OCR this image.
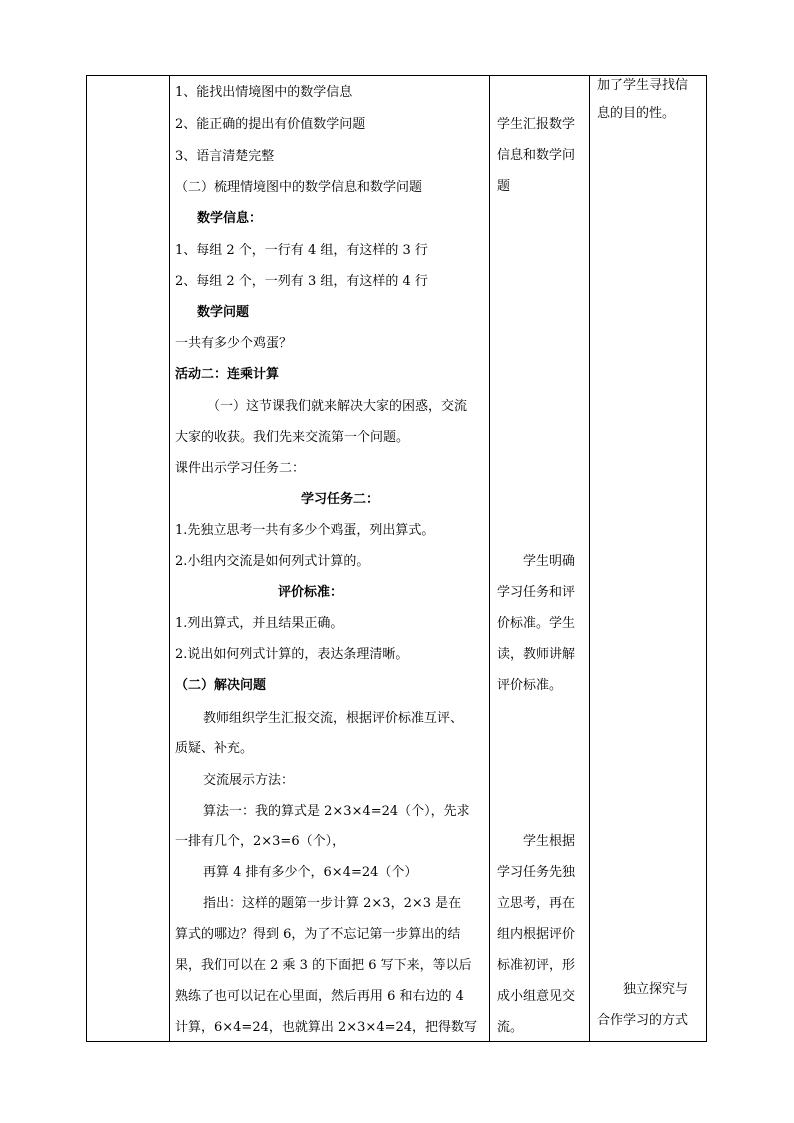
1、能找出情境图中的数学信息
2、能正确的提出有价值数学问题
3、语言清楚完整
（二）梳理情境图中的数学信息和数学问题
数学信息：
1、每组 2 个，一行有 4 组，有这样的 3 行
2、每组 2 个，一列有 3 组，有这样的 4 行
数学问题
一共有多少个鸡蛋？
活动二：连乘计算
（一）这节课我们就来解决大家的困惑，交流
大家的收获。我们先来交流第一个问题。
课件出示学习任务二：
学习任务二：
1.先独立思考一共有多少个鸡蛋，列出算式。
2.小组内交流是如何列式计算的。
评价标准：
1.列出算式，并且结果正确。
2.说出如何列式计算的，表达条理清晰。
（二）解决问题
教师组织学生汇报交流，根据评价标准互评、
质疑、补充。
交流展示方法：
算法一：我的算式是 2×3×4=24（个），先求
一排有几个，2×3=6（个），
再算 4 排有多少个，6×4=24（个）
指出：这样的题第一步计算 2×3，2×3 是在
算式的哪边？得到 6，为了不忘记第一步算出的结
果，我们可以在 2 乘 3 的下面把 6 写下来，等以后
熟练了也可以记在心里面，然后再用 6 和右边的 4
计算，6×4=24，也就算出 2×3×4=24，把得数写
学生汇报数学
信息和数学问
题
学生明确
学习任务和评
价标准。学生
读，教师讲解
评价标准。
学生根据
学习任务先独
立思考，再在
组内根据评价
标准初评，形
成小组意见交
流。
加了学生寻找信
息的目的性。
独立探究与
合作学习的方式
